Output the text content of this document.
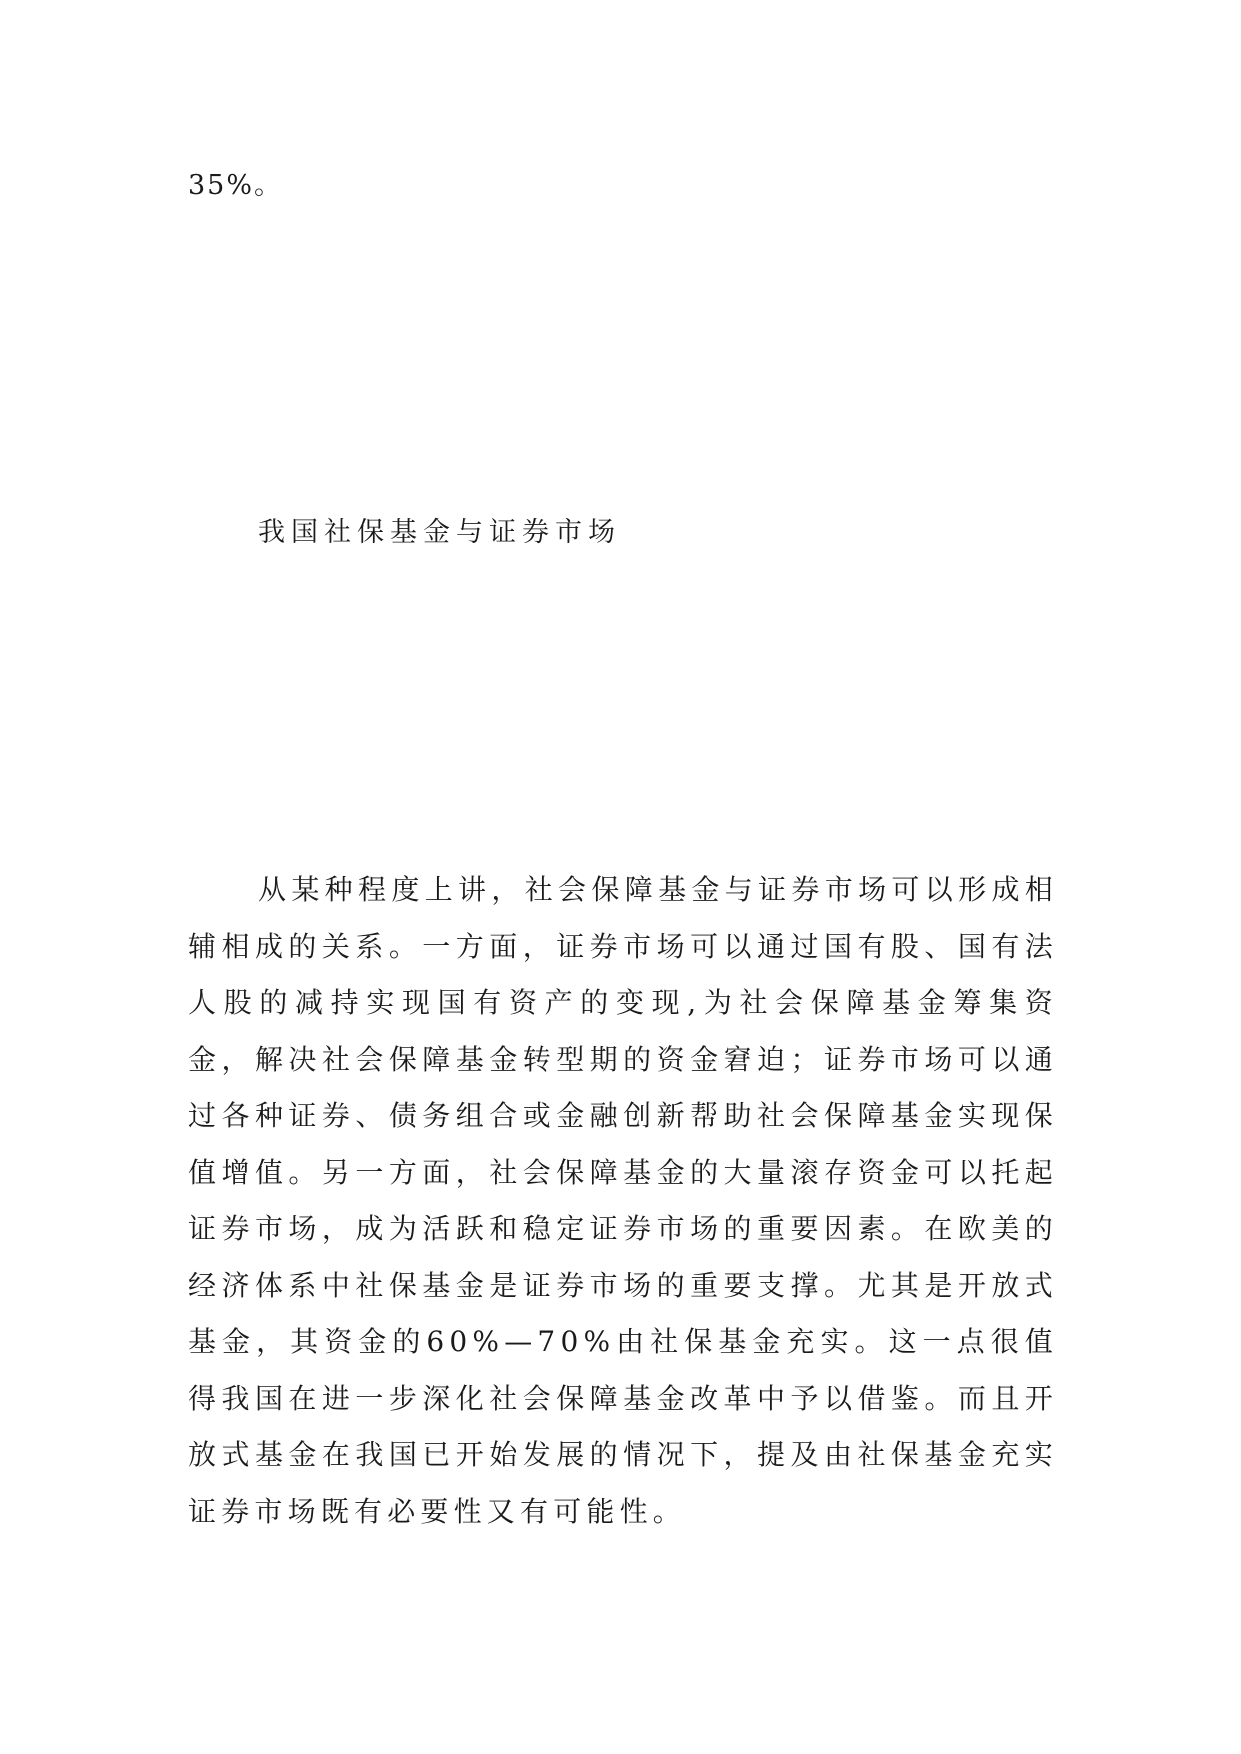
35%。

我国社保基金与证券市场

从某种程度上讲，社会保障基金与证券市场可以形成相辅相成的关系。一方面，证券市场可以通过国有股、国有法人股的减持实现国有资产的变现,为社会保障基金筹集资金，解决社会保障基金转型期的资金窘迫；证券市场可以通过各种证券、债务组合或金融创新帮助社会保障基金实现保值增值。另一方面，社会保障基金的大量滚存资金可以托起证券市场，成为活跃和稳定证券市场的重要因素。在欧美的经济体系中社保基金是证券市场的重要支撑。尤其是开放式基金，其资金的60%—70%由社保基金充实。这一点很值得我国在进一步深化社会保障基金改革中予以借鉴。而且开放式基金在我国已开始发展的情况下，提及由社保基金充实证券市场既有必要性又有可能性。
